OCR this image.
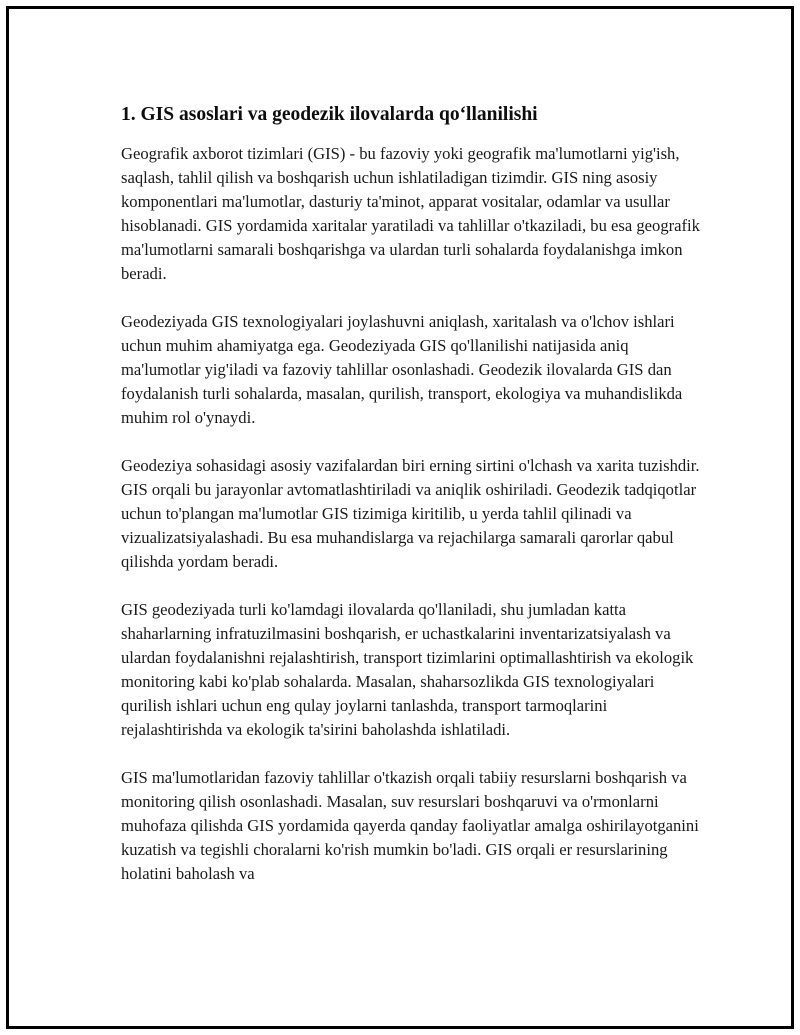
1. GIS asoslari va geodezik ilovalarda qo‘llanilishi

Geografik axborot tizimlari (GIS) - bu fazoviy yoki geografik ma'lumotlarni yig'ish, saqlash, tahlil qilish va boshqarish uchun ishlatiladigan tizimdir. GIS ning asosiy komponentlari ma'lumotlar, dasturiy ta'minot, apparat vositalar, odamlar va usullar hisoblanadi. GIS yordamida xaritalar yaratiladi va tahlillar o'tkaziladi, bu esa geografik ma'lumotlarni samarali boshqarishga va ulardan turli sohalarda foydalanishga imkon beradi.

Geodeziyada GIS texnologiyalari joylashuvni aniqlash, xaritalash va o'lchov ishlari uchun muhim ahamiyatga ega. Geodeziyada GIS qo'llanilishi natijasida aniq ma'lumotlar yig'iladi va fazoviy tahlillar osonlashadi. Geodezik ilovalarda GIS dan foydalanish turli sohalarda, masalan, qurilish, transport, ekologiya va muhandislikda muhim rol o'ynaydi.

Geodeziya sohasidagi asosiy vazifalardan biri erning sirtini o'lchash va xarita tuzishdir. GIS orqali bu jarayonlar avtomatlashtiriladi va aniqlik oshiriladi. Geodezik tadqiqotlar uchun to'plangan ma'lumotlar GIS tizimiga kiritilib, u yerda tahlil qilinadi va vizualizatsiyalashadi. Bu esa muhandislarga va rejachilarga samarali qarorlar qabul qilishda yordam beradi.

GIS geodeziyada turli ko'lamdagi ilovalarda qo'llaniladi, shu jumladan katta shaharlarning infratuzilmasini boshqarish, er uchastkalarini inventarizatsiyalash va ulardan foydalanishni rejalashtirish, transport tizimlarini optimallashtirish va ekologik monitoring kabi ko'plab sohalarda. Masalan, shaharsozlikda GIS texnologiyalari qurilish ishlari uchun eng qulay joylarni tanlashda, transport tarmoqlarini rejalashtirishda va ekologik ta'sirini baholashda ishlatiladi.

GIS ma'lumotlaridan fazoviy tahlillar o'tkazish orqali tabiiy resurslarni boshqarish va monitoring qilish osonlashadi. Masalan, suv resurslari boshqaruvi va o'rmonlarni muhofaza qilishda GIS yordamida qayerda qanday faoliyatlar amalga oshirilayotganini kuzatish va tegishli choralarni ko'rish mumkin bo'ladi. GIS orqali er resurslarining holatini baholash va
